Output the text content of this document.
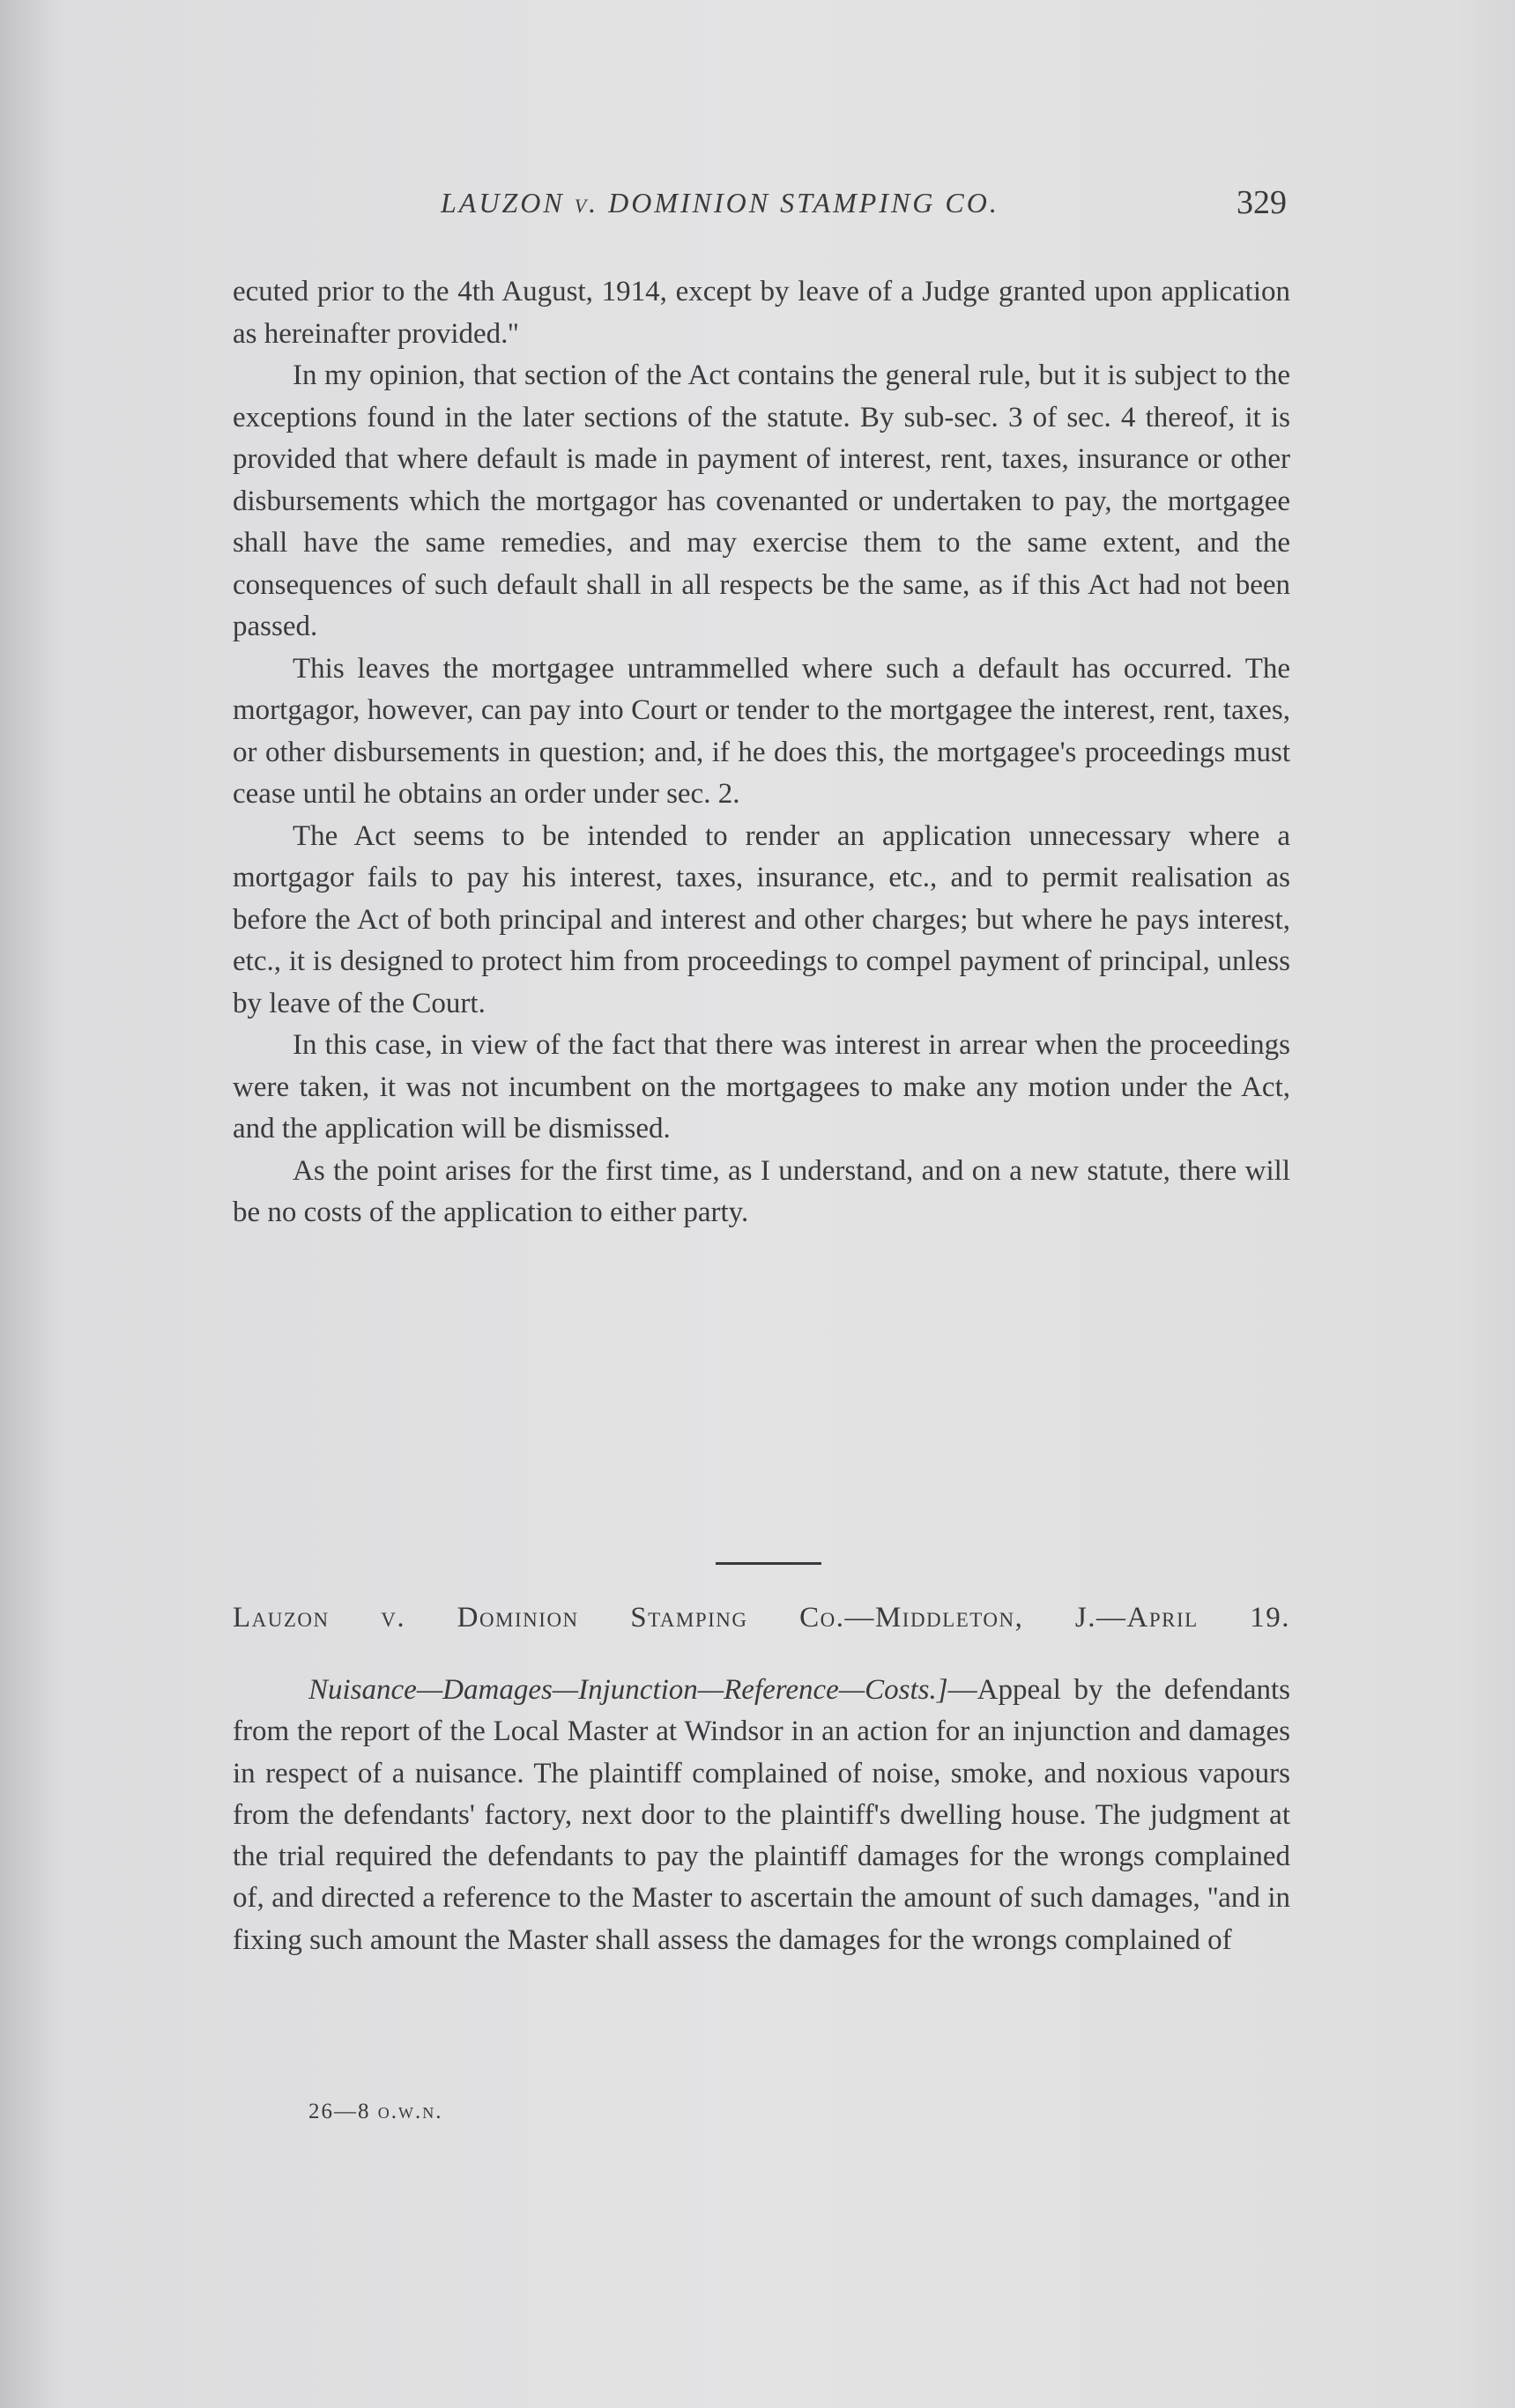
LAUZON v. DOMINION STAMPING CO.	329

ecuted prior to the 4th August, 1914, except by leave of a Judge granted upon application as hereinafter provided.''

In my opinion, that section of the Act contains the general rule, but it is subject to the exceptions found in the later sections of the statute. By sub-sec. 3 of sec. 4 thereof, it is provided that where default is made in payment of interest, rent, taxes, insurance or other disbursements which the mortgagor has covenanted or undertaken to pay, the mortgagee shall have the same remedies, and may exercise them to the same extent, and the consequences of such default shall in all respects be the same, as if this Act had not been passed.

This leaves the mortgagee untrammelled where such a default has occurred. The mortgagor, however, can pay into Court or tender to the mortgagee the interest, rent, taxes, or other disbursements in question; and, if he does this, the mortgagee's proceedings must cease until he obtains an order under sec. 2.

The Act seems to be intended to render an application unnecessary where a mortgagor fails to pay his interest, taxes, insurance, etc., and to permit realisation as before the Act of both principal and interest and other charges; but where he pays interest, etc., it is designed to protect him from proceedings to compel payment of principal, unless by leave of the Court.

In this case, in view of the fact that there was interest in arrear when the proceedings were taken, it was not incumbent on the mortgagees to make any motion under the Act, and the application will be dismissed.

As the point arises for the first time, as I understand, and on a new statute, there will be no costs of the application to either party.

Lauzon v. Dominion Stamping Co.—Middleton, J.—April 19.

Nuisance—Damages—Injunction—Reference—Costs.]—Appeal by the defendants from the report of the Local Master at Windsor in an action for an injunction and damages in respect of a nuisance. The plaintiff complained of noise, smoke, and noxious vapours from the defendants' factory, next door to the plaintiff's dwelling house. The judgment at the trial required the defendants to pay the plaintiff damages for the wrongs complained of, and directed a reference to the Master to ascertain the amount of such damages, ''and in fixing such amount the Master shall assess the damages for the wrongs complained of

26—8 o.w.n.
